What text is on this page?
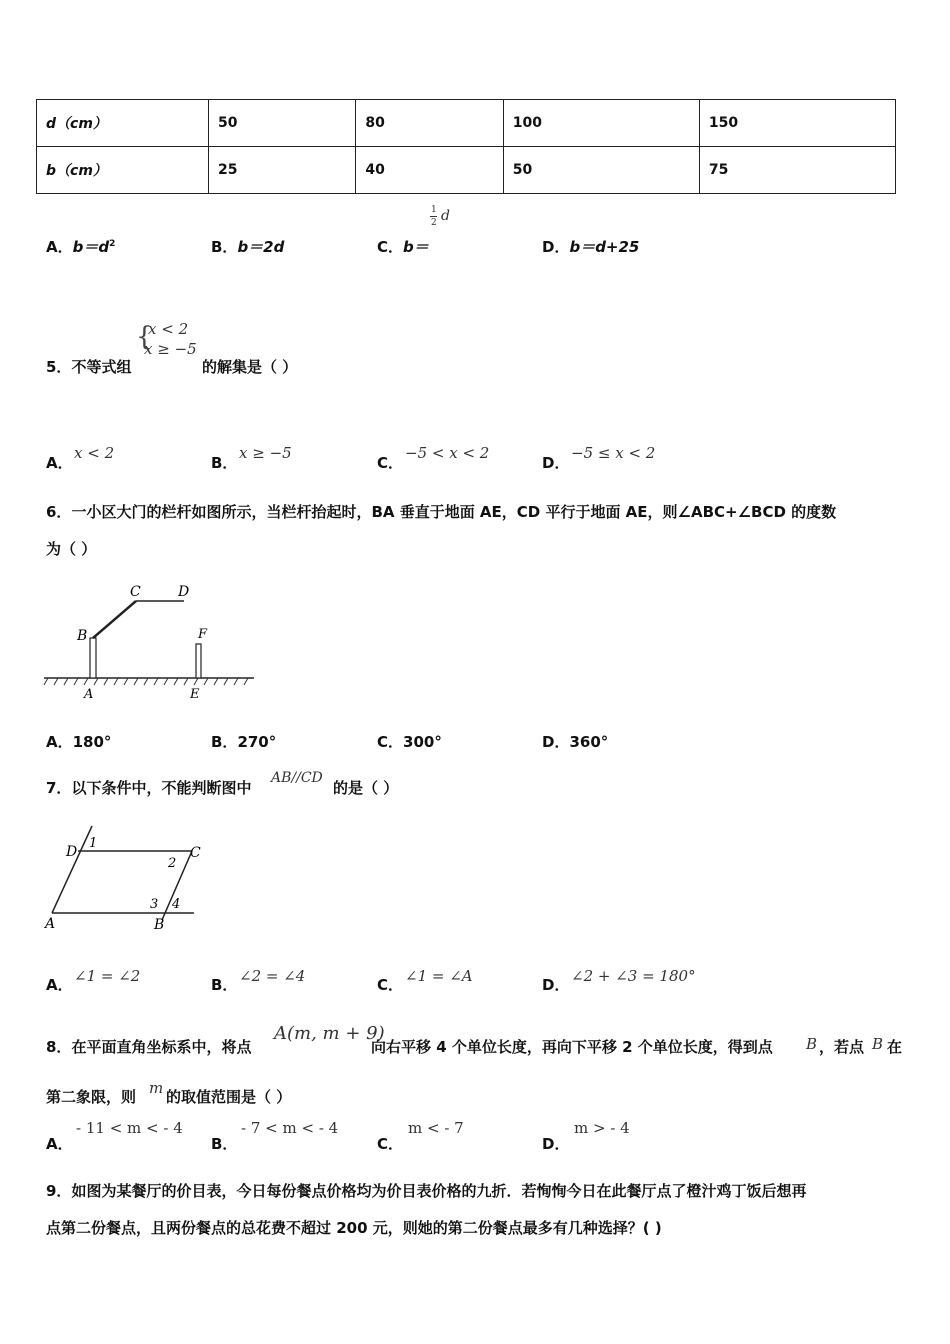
d（cm）	50	80	100	150
b（cm）	25	40	50	75
A．$b=d^2$	B．b＝2d	C．b＝
1
2 d
D．b＝d+25
5．不等式组
{
x < 2
x ≥ −5
的解集是（ ）
A．
x < 2
B．
x ≥ −5
C．
−5 < x < 2
D．
−5 ≤ x < 2
6．一小区大门的栏杆如图所示，当栏杆抬起时，BA 垂直于地面 AE，CD 平行于地面 AE，则∠ABC+∠BCD 的度数
为（ ）
B
C	D
F
A	E
A．180°	B．270°	C．300°	D．360°
7．以下条件中，不能判断图中
AB//CD
的是（ ）
D
1
2
C
3 4
A	B
A． ∠1 = ∠2	B． ∠2 = ∠4	C． ∠1 = ∠A	D． ∠2 + ∠3 = 180°
8．在平面直角坐标系中，将点
A(m, m + 9)
向右平移 4 个单位长度，再向下平移 2 个单位长度，得到点 B ，若点 B 在
第二象限，则 m 的取值范围是（ ）
A．
- 11 < m < - 4
B．
- 7 < m < - 4
C．
m < - 7
D．
m > - 4
9．如图为某餐厅的价目表，今日每份餐点价格均为价目表价格的九折．若恂恂今日在此餐厅点了橙汁鸡丁饭后想再
点第二份餐点，且两份餐点的总花费不超过 200 元，则她的第二份餐点最多有几种选择？( )
